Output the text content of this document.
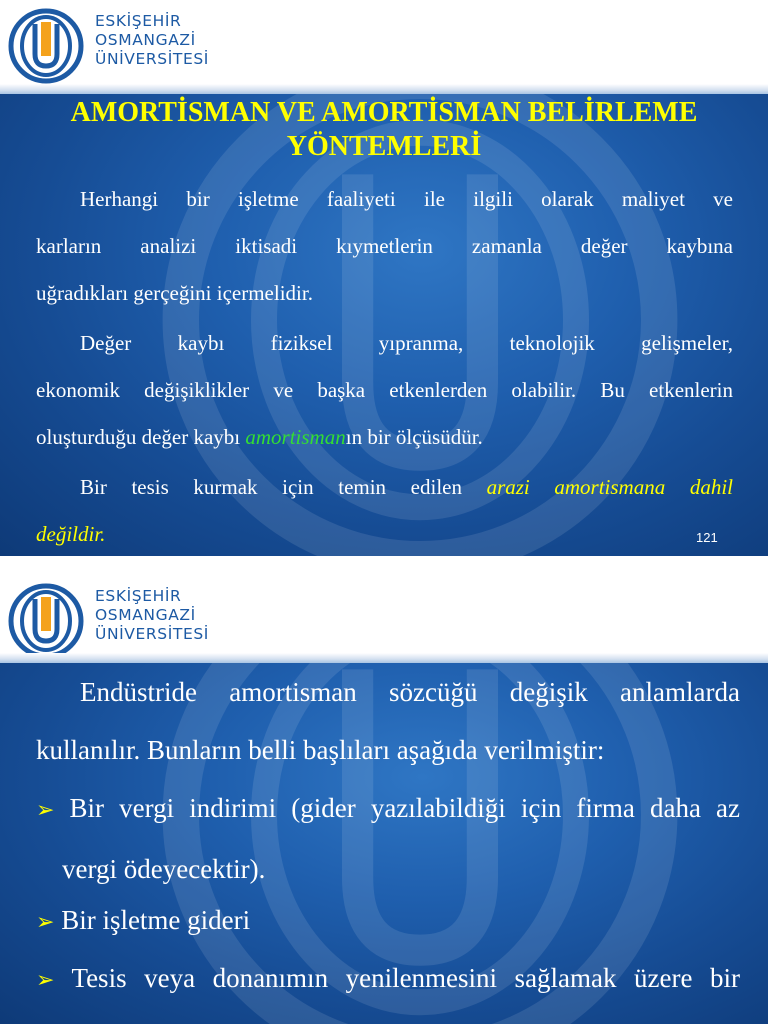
ESKİŞEHİR
OSMANGAZİ
ÜNİVERSİTESİ
AMORTİSMAN VE AMORTİSMAN BELİRLEME
YÖNTEMLERİ
Herhangi bir işletme faaliyeti ile ilgili olarak maliyet ve
karların analizi iktisadi kıymetlerin zamanla değer kaybına
uğradıkları gerçeğini içermelidir.
Değer kaybı fiziksel yıpranma, teknolojik gelişmeler,
ekonomik değişiklikler ve başka etkenlerden olabilir. Bu etkenlerin
oluşturduğu değer kaybı amortismanın bir ölçüsüdür.
Bir tesis kurmak için temin edilen arazi amortismana dahil
değildir.	121
ESKİŞEHİR
OSMANGAZİ
ÜNİVERSİTESİ
Endüstride amortisman sözcüğü değişik anlamlarda
kullanılır. Bunların belli başlıları aşağıda verilmiştir:
➢ Bir vergi indirimi (gider yazılabildiği için firma daha az
vergi ödeyecektir).
➢ Bir işletme gideri
➢ Tesis veya donanımın yenilenmesini sağlamak üzere bir
